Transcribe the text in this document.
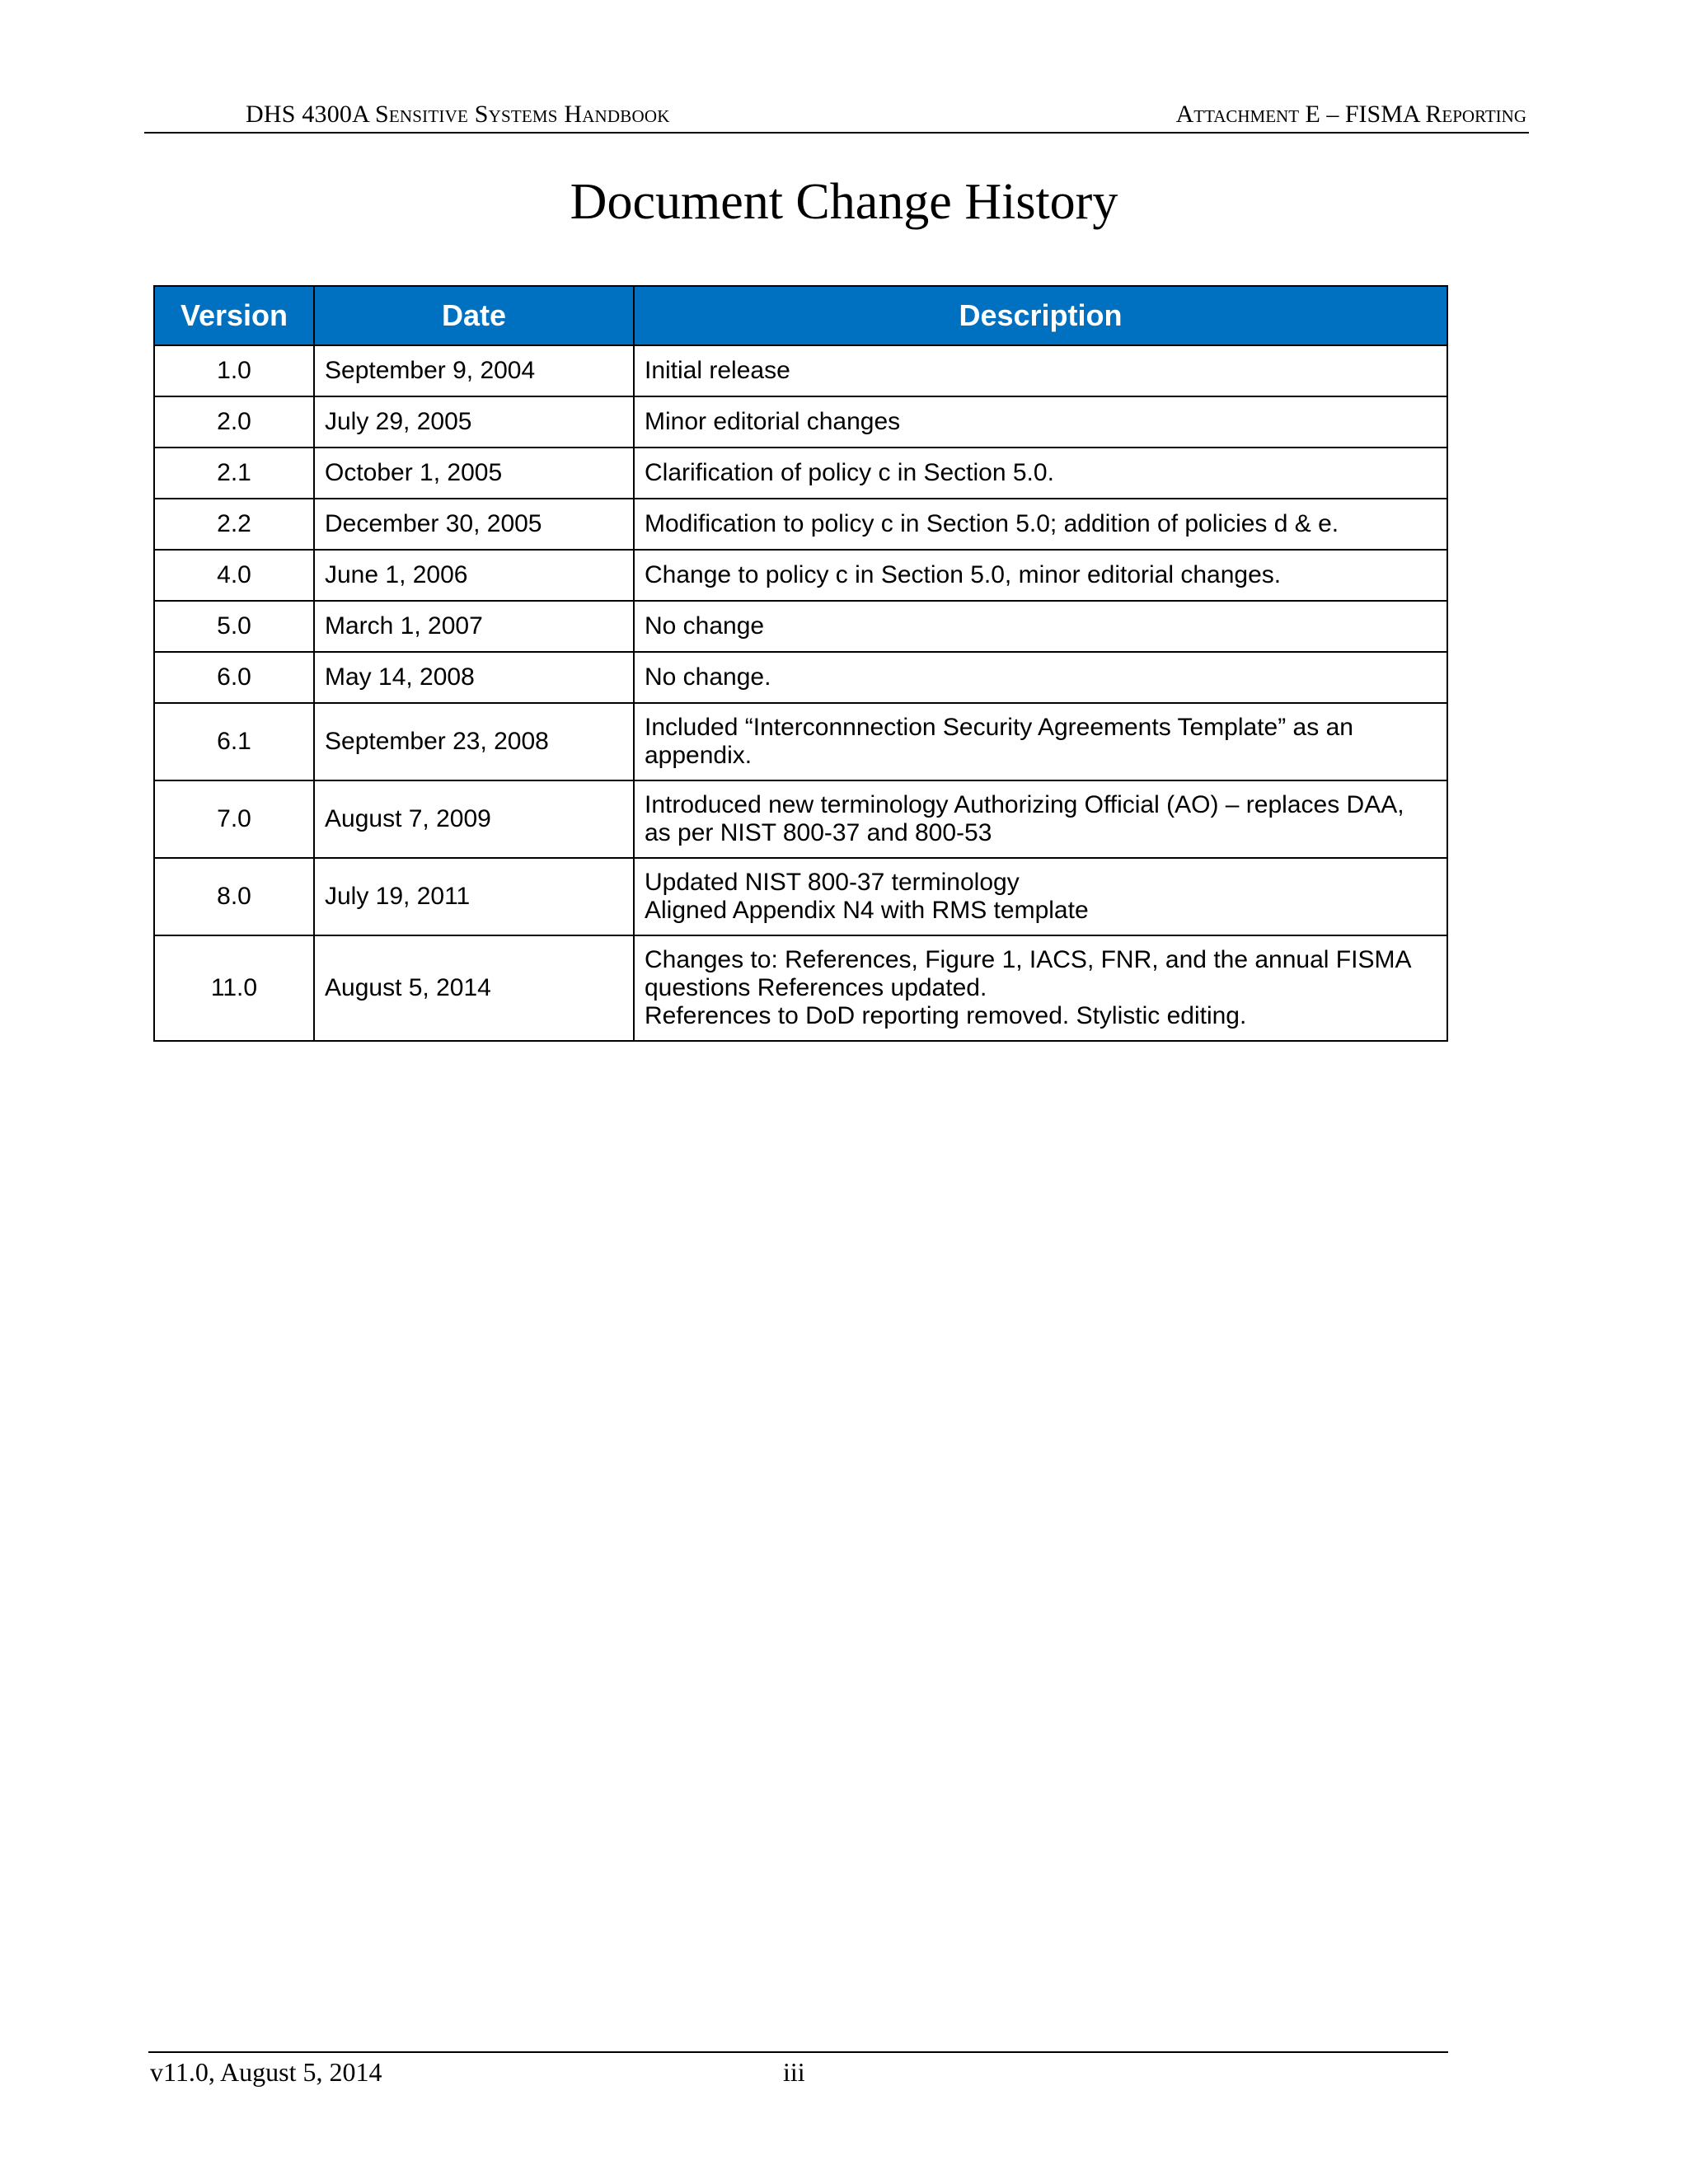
DHS 4300A Sensitive Systems Handbook	Attachment E – FISMA Reporting
Document Change History
Version	Date	Description
1.0	September 9, 2004	Initial release

2.0	July 29, 2005	Minor editorial changes

2.1	October 1, 2005	Clarification of policy c in Section 5.0.

2.2	December 30, 2005	Modification to policy c in Section 5.0; addition of policies d & e.

4.0	June 1, 2006	Change to policy c in Section 5.0, minor editorial changes.

5.0	March 1, 2007	No change

6.0	May 14, 2008	No change.

6.1	September 23, 2008	Included “Interconnnection Security Agreements Template” as an
appendix.

7.0	August 7, 2009	Introduced new terminology Authorizing Official (AO) – replaces DAA,
as per NIST 800-37 and 800-53

8.0	July 19, 2011	Updated NIST 800-37 terminology
Aligned Appendix N4 with RMS template

11.0	August 5, 2014	Changes to: References, Figure 1, IACS, FNR, and the annual FISMA
questions References updated.
References to DoD reporting removed. Stylistic editing.
v11.0, August 5, 2014	iii
